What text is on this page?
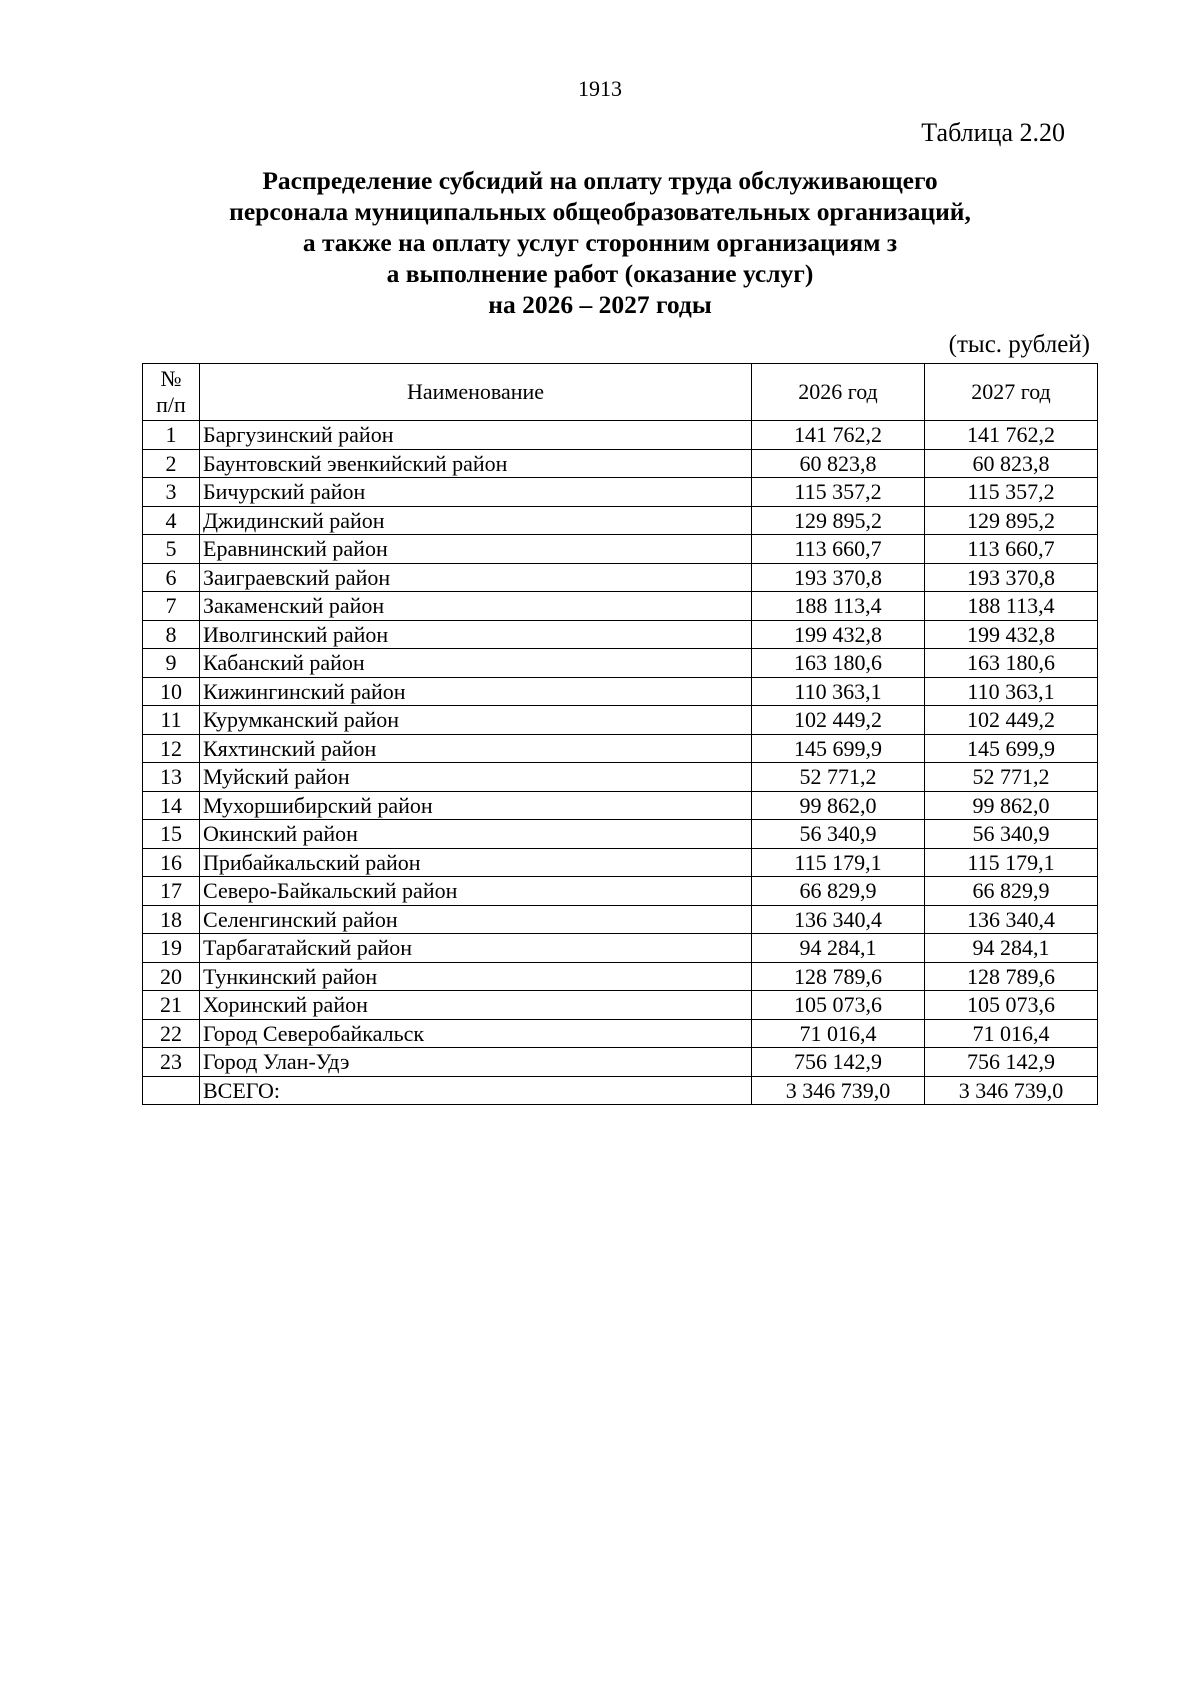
1913
Таблица 2.20
Распределение субсидий на оплату труда обслуживающего
персонала муниципальных общеобразовательных организаций,
а также на оплату услуг сторонним организациям з
а выполнение работ (оказание услуг)
на 2026 – 2027 годы
(тыс. рублей)
№
п/п	Наименование	2026 год	2027 год
1	Баргузинский район	141 762,2	141 762,2
2	Баунтовский эвенкийский район	60 823,8	60 823,8
3	Бичурский район	115 357,2	115 357,2
4	Джидинский район	129 895,2	129 895,2
5	Еравнинский район	113 660,7	113 660,7
6	Заиграевский район	193 370,8	193 370,8
7	Закаменский район	188 113,4	188 113,4
8	Иволгинский район	199 432,8	199 432,8
9	Кабанский район	163 180,6	163 180,6
10	Кижингинский район	110 363,1	110 363,1
11	Курумканский район	102 449,2	102 449,2
12	Кяхтинский район	145 699,9	145 699,9
13	Муйский район	52 771,2	52 771,2
14	Мухоршибирский район	99 862,0	99 862,0
15	Окинский район	56 340,9	56 340,9
16	Прибайкальский район	115 179,1	115 179,1
17	Северо-Байкальский район	66 829,9	66 829,9
18	Селенгинский район	136 340,4	136 340,4
19	Тарбагатайский район	94 284,1	94 284,1
20	Тункинский район	128 789,6	128 789,6
21	Хоринский район	105 073,6	105 073,6
22	Город Северобайкальск	71 016,4	71 016,4
23	Город Улан-Удэ	756 142,9	756 142,9
	ВСЕГО:	3 346 739,0	3 346 739,0
